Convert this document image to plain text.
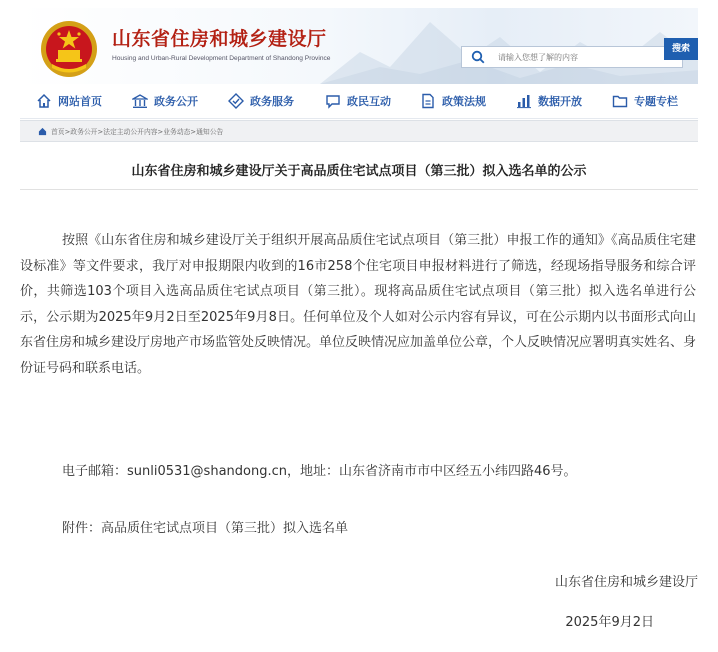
山东省住房和城乡建设厅
Housing and Urban-Rural Development Department of Shandong Province
请输入您想了解的内容
搜索
网站首页	政务公开	政务服务	政民互动	政策法规	数据开放	专题专栏
首页>政务公开>法定主动公开内容>业务动态>通知公告
山东省住房和城乡建设厅关于高品质住宅试点项目（第三批）拟入选名单的公示

按照《山东省住房和城乡建设厅关于组织开展高品质住宅试点项目（第三批）申报工作的通知》《高品质住宅建设标准》等文件要求，我厅对申报期限内收到的16市258个住宅项目申报材料进行了筛选，经现场指导服务和综合评价，共筛选103个项目入选高品质住宅试点项目（第三批）。现将高品质住宅试点项目（第三批）拟入选名单进行公示，公示期为2025年9月2日至2025年9月8日。任何单位及个人如对公示内容有异议，可在公示期内以书面形式向山东省住房和城乡建设厅房地产市场监管处反映情况。单位反映情况应加盖单位公章，个人反映情况应署明真实姓名、身份证号码和联系电话。

电子邮箱：sunli0531@shandong.cn，地址：山东省济南市市中区经五小纬四路46号。
附件：高品质住宅试点项目（第三批）拟入选名单
山东省住房和城乡建设厅
2025年9月2日
